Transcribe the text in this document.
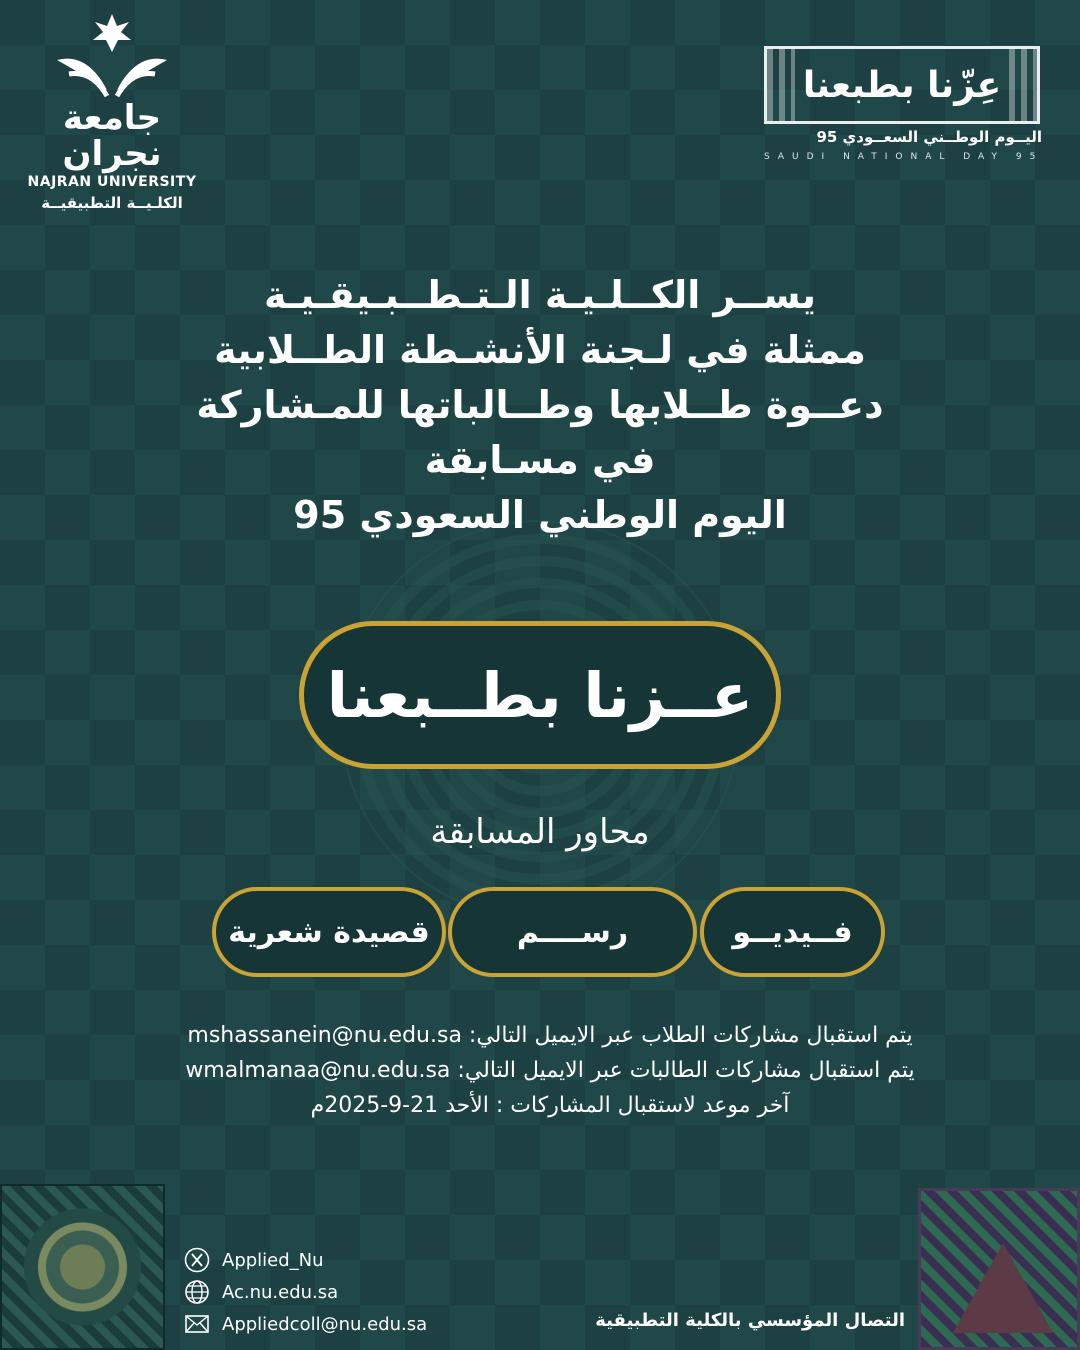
جامعة نجران
NAJRAN UNIVERSITY
الكلـيــة التطبيقيــة
عِزّنا بطبعنا
اليــوم الوطــني السعــودي 95
SAUDI NATIONAL DAY 95
يســر الكــلـيـة الـتـطــبـيقـيـة
ممثلة في لـجنة الأنشـطة الطــلابية
دعــوة طــلابها وطــالباتها للمـشاركة
في مسـابقة
اليوم الوطني السعودي 95
عــزنا بطــبعنا
محاور المسابقة
فــيديــو
رســــم
قصيدة شعرية
يتم استقبال مشاركات الطلاب عبر الايميل التالي: mshassanein@nu.edu.sa
يتم استقبال مشاركات الطالبات عبر الايميل التالي: wmalmanaa@nu.edu.sa
آخر موعد لاستقبال المشاركات : الأحد 21-9-2025م
Applied_Nu
Ac.nu.edu.sa
Appliedcoll@nu.edu.sa	التصال المؤسسي بالكلية التطبيقية
